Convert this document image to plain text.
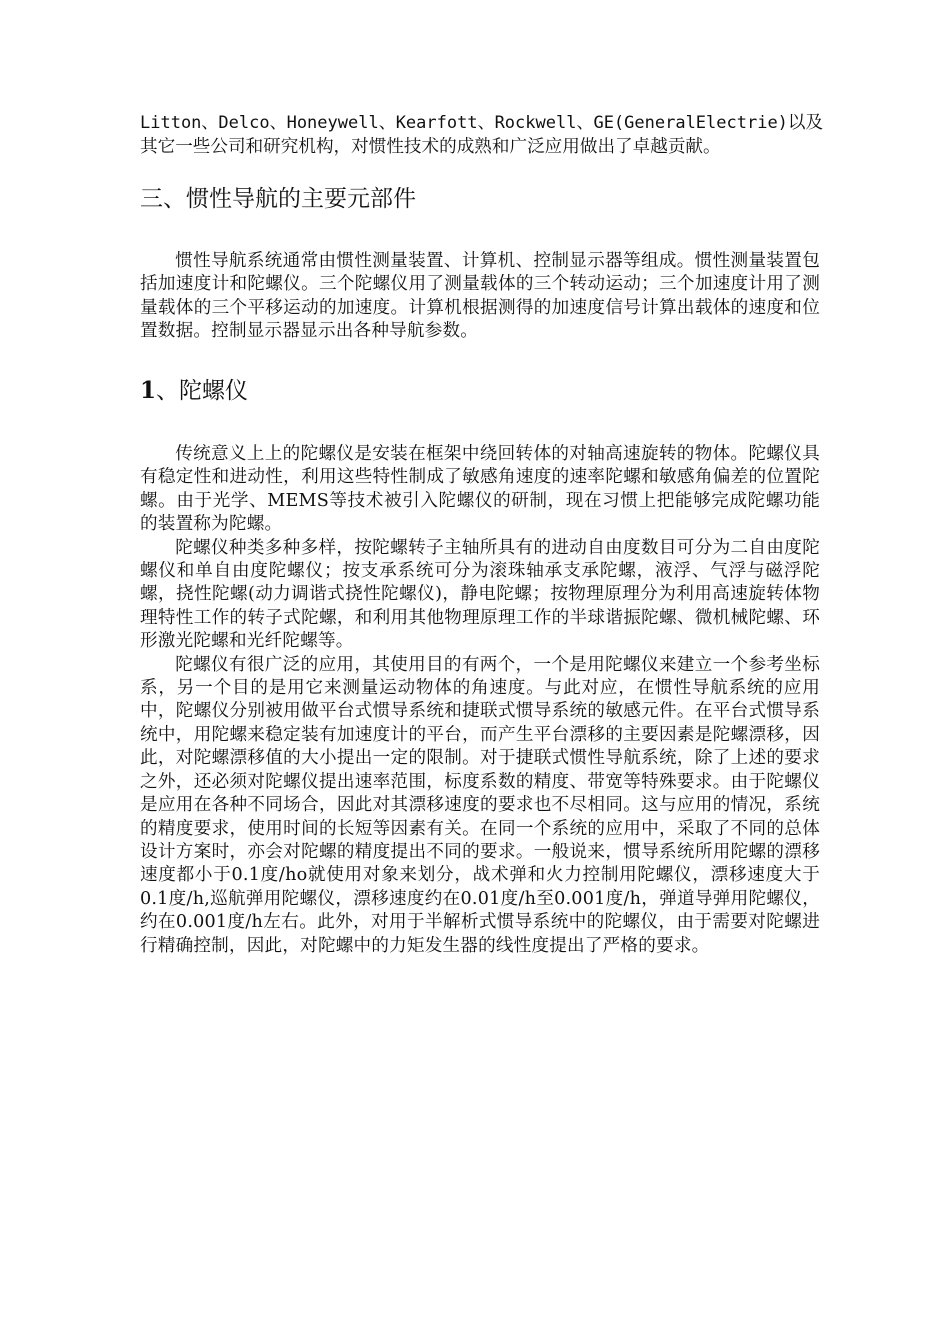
Litton、Delco、Honeywell、Kearfott、Rockwell、GE(GeneralElectrie)以及
其它一些公司和研究机构，对惯性技术的成熟和广泛应用做出了卓越贡献。
三、惯性导航的主要元部件

惯性导航系统通常由惯性测量装置、计算机、控制显示器等组成。惯性测量装置包括加速度计和陀螺仪。三个陀螺仪用了测量载体的三个转动运动；三个加速度计用了测量载体的三个平移运动的加速度。计算机根据测得的加速度信号计算出载体的速度和位置数据。控制显示器显示出各种导航参数。

1、陀螺仪

传统意义上上的陀螺仪是安装在框架中绕回转体的对轴高速旋转的物体。陀螺仪具有稳定性和进动性，利用这些特性制成了敏感角速度的速率陀螺和敏感角偏差的位置陀螺。由于光学、MEMS等技术被引入陀螺仪的研制，现在习惯上把能够完成陀螺功能的装置称为陀螺。

陀螺仪种类多种多样，按陀螺转子主轴所具有的进动自由度数目可分为二自由度陀螺仪和单自由度陀螺仪；按支承系统可分为滚珠轴承支承陀螺，液浮、气浮与磁浮陀螺，挠性陀螺(动力调谐式挠性陀螺仪)，静电陀螺；按物理原理分为利用高速旋转体物理特性工作的转子式陀螺，和利用其他物理原理工作的半球谐振陀螺、微机械陀螺、环形激光陀螺和光纤陀螺等。

陀螺仪有很广泛的应用，其使用目的有两个，一个是用陀螺仪来建立一个参考坐标系，另一个目的是用它来测量运动物体的角速度。与此对应，在惯性导航系统的应用中，陀螺仪分别被用做平台式惯导系统和捷联式惯导系统的敏感元件。在平台式惯导系统中，用陀螺来稳定装有加速度计的平台，而产生平台漂移的主要因素是陀螺漂移，因此，对陀螺漂移值的大小提出一定的限制。对于捷联式惯性导航系统，除了上述的要求之外，还必须对陀螺仪提出速率范围，标度系数的精度、带宽等特殊要求。由于陀螺仪是应用在各种不同场合，因此对其漂移速度的要求也不尽相同。这与应用的情况，系统的精度要求，使用时间的长短等因素有关。在同一个系统的应用中，采取了不同的总体设计方案时，亦会对陀螺的精度提出不同的要求。一般说来，惯导系统所用陀螺的漂移速度都小于0.1度/ho就使用对象来划分，战术弹和火力控制用陀螺仪，漂移速度大于0.1度/h,巡航弹用陀螺仪，漂移速度约在0.01度/h至0.001度/h，弹道导弹用陀螺仪，约在0.001度/h左右。此外，对用于半解析式惯导系统中的陀螺仪，由于需要对陀螺进行精确控制，因此，对陀螺中的力矩发生器的线性度提出了严格的要求。
